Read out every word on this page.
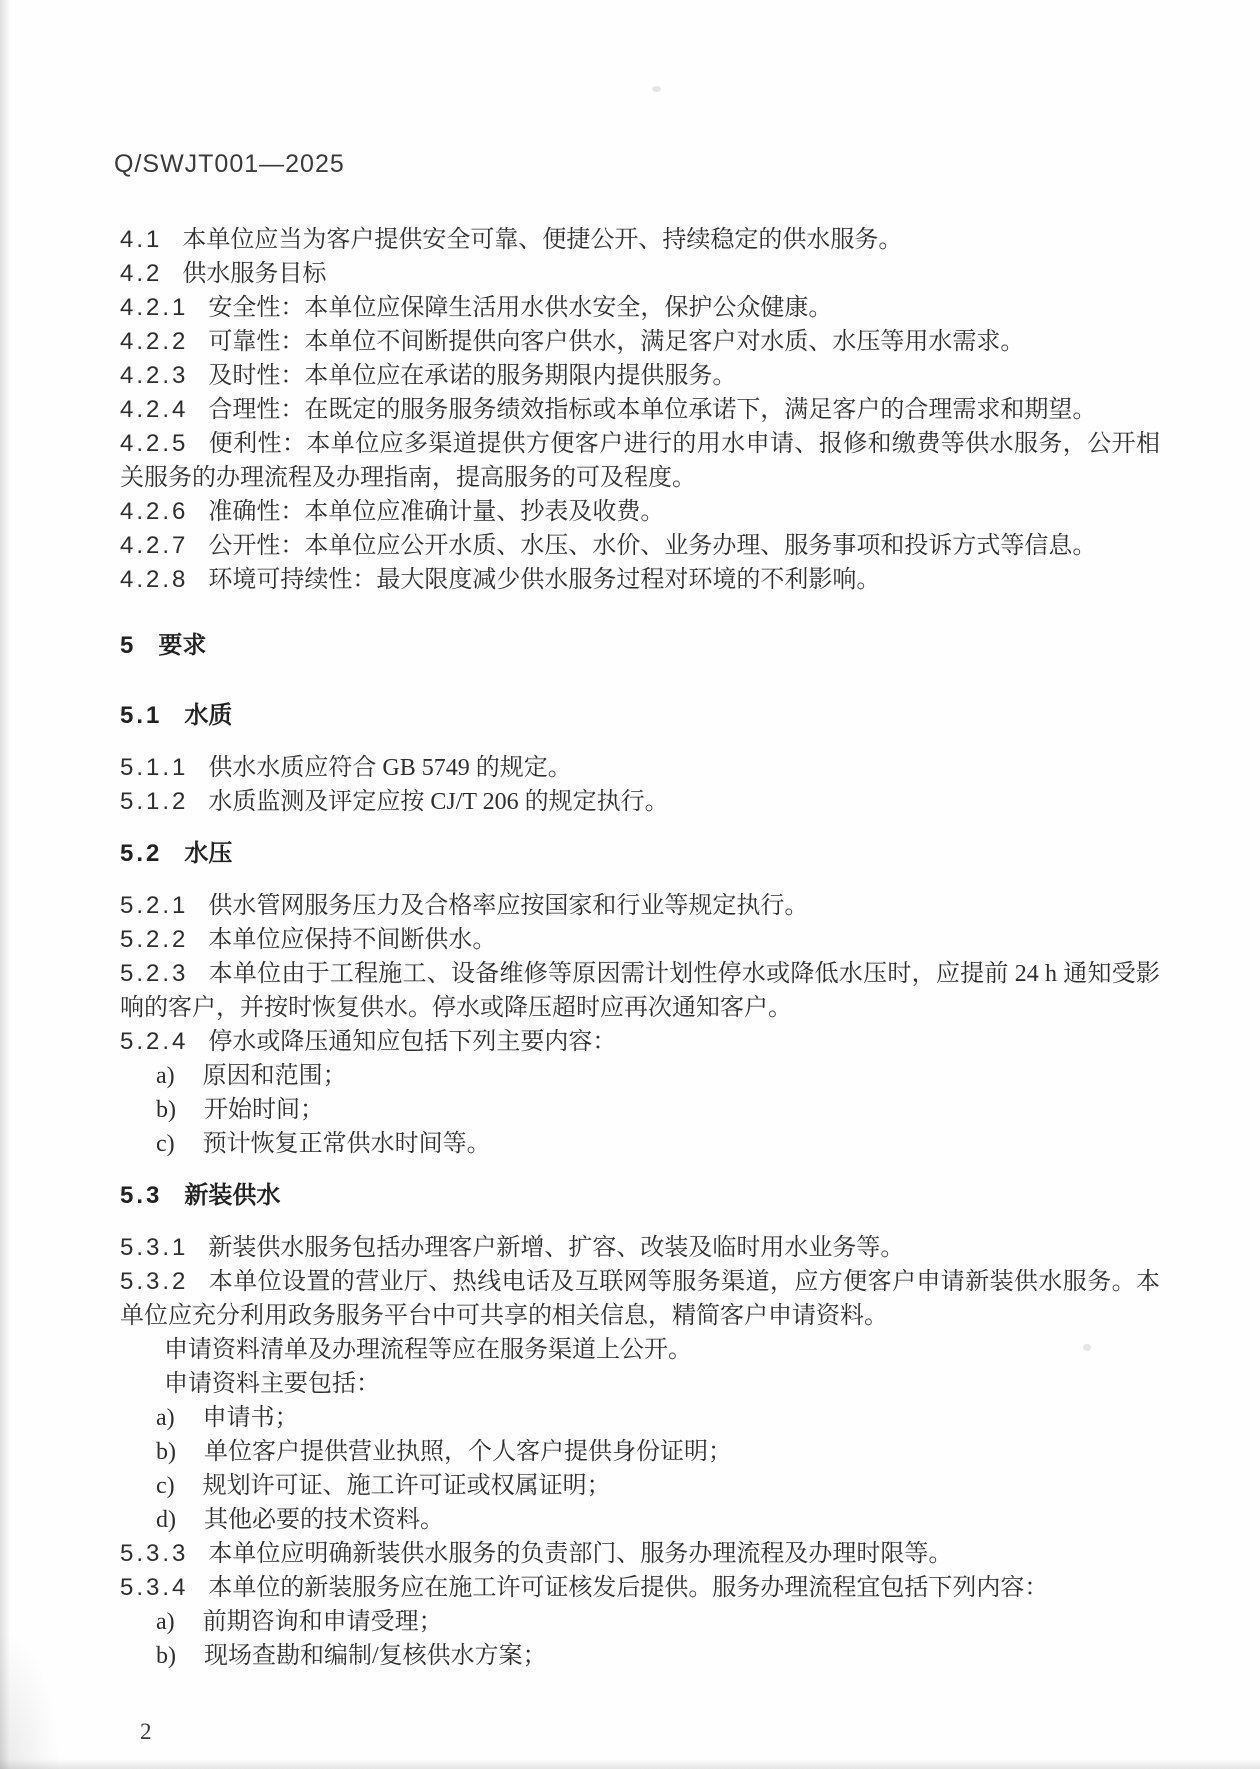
Q/SWJT001—2025
4.1 本单位应当为客户提供安全可靠、便捷公开、持续稳定的供水服务。
4.2 供水服务目标
4.2.1 安全性：本单位应保障生活用水供水安全，保护公众健康。
4.2.2 可靠性：本单位不间断提供向客户供水，满足客户对水质、水压等用水需求。
4.2.3 及时性：本单位应在承诺的服务期限内提供服务。
4.2.4 合理性：在既定的服务服务绩效指标或本单位承诺下，满足客户的合理需求和期望。
4.2.5 便利性：本单位应多渠道提供方便客户进行的用水申请、报修和缴费等供水服务，公开相关服务的办理流程及办理指南，提高服务的可及程度。
4.2.6 准确性：本单位应准确计量、抄表及收费。
4.2.7 公开性：本单位应公开水质、水压、水价、业务办理、服务事项和投诉方式等信息。
4.2.8 环境可持续性：最大限度减少供水服务过程对环境的不利影响。
5 要求
5.1 水质
5.1.1 供水水质应符合 GB 5749 的规定。
5.1.2 水质监测及评定应按 CJ/T 206 的规定执行。
5.2 水压
5.2.1 供水管网服务压力及合格率应按国家和行业等规定执行。
5.2.2 本单位应保持不间断供水。
5.2.3 本单位由于工程施工、设备维修等原因需计划性停水或降低水压时，应提前 24 h 通知受影响的客户，并按时恢复供水。停水或降压超时应再次通知客户。
5.2.4 停水或降压通知应包括下列主要内容：
a) 原因和范围；
b) 开始时间；
c) 预计恢复正常供水时间等。
5.3 新装供水
5.3.1 新装供水服务包括办理客户新增、扩容、改装及临时用水业务等。
5.3.2 本单位设置的营业厅、热线电话及互联网等服务渠道，应方便客户申请新装供水服务。本单位应充分利用政务服务平台中可共享的相关信息，精简客户申请资料。
申请资料清单及办理流程等应在服务渠道上公开。
申请资料主要包括：
a) 申请书；
b) 单位客户提供营业执照，个人客户提供身份证明；
c) 规划许可证、施工许可证或权属证明；
d) 其他必要的技术资料。
5.3.3 本单位应明确新装供水服务的负责部门、服务办理流程及办理时限等。
5.3.4 本单位的新装服务应在施工许可证核发后提供。服务办理流程宜包括下列内容：
a) 前期咨询和申请受理；
b) 现场查勘和编制/复核供水方案；
2
